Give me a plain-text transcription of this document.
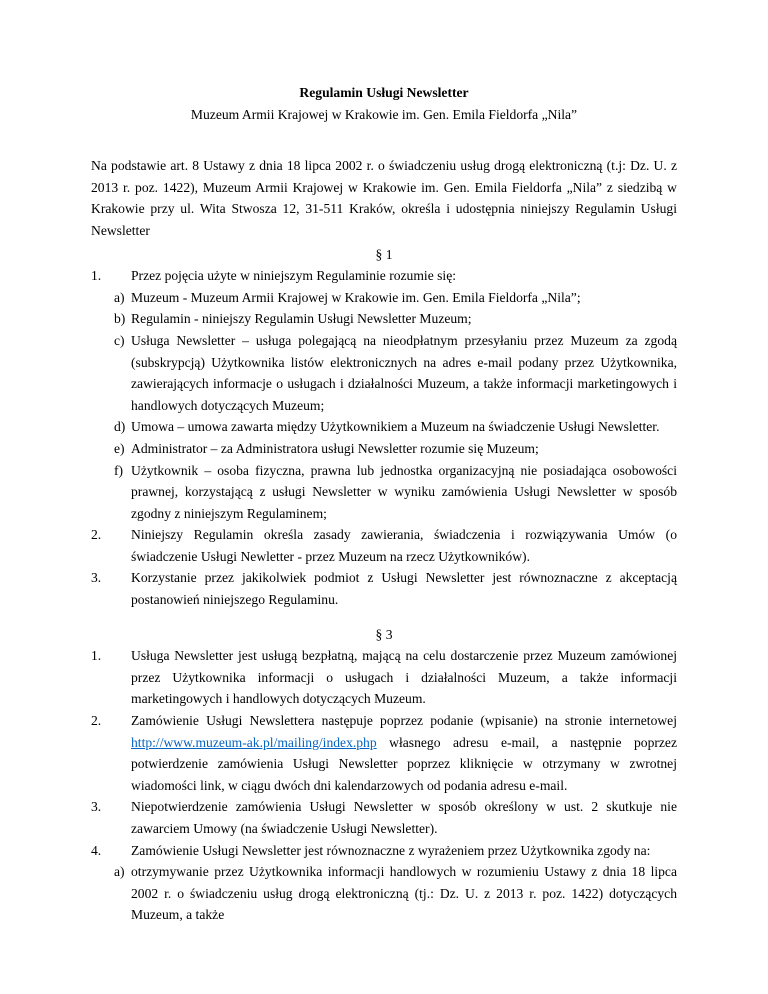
Regulamin Usługi Newsletter
Muzeum Armii Krajowej w Krakowie im. Gen. Emila Fieldorfa „Nila”
Na podstawie art. 8 Ustawy z dnia 18 lipca 2002 r. o świadczeniu usług drogą elektroniczną (t.j: Dz. U. z 2013 r. poz. 1422), Muzeum Armii Krajowej w Krakowie im. Gen. Emila Fieldorfa „Nila” z siedzibą w Krakowie przy ul. Wita Stwosza 12, 31-511 Kraków, określa i udostępnia niniejszy Regulamin Usługi Newsletter
§ 1
1. Przez pojęcia użyte w niniejszym Regulaminie rozumie się:
a) Muzeum - Muzeum Armii Krajowej w Krakowie im. Gen. Emila Fieldorfa „Nila”;
b) Regulamin - niniejszy Regulamin Usługi Newsletter Muzeum;
c) Usługa Newsletter – usługa polegającą na nieodpłatnym przesyłaniu przez Muzeum za zgodą (subskrypcją) Użytkownika listów elektronicznych na adres e-mail podany przez Użytkownika, zawierających informacje o usługach i działalności Muzeum, a także informacji marketingowych i handlowych dotyczących Muzeum;
d) Umowa – umowa zawarta między Użytkownikiem a Muzeum na świadczenie Usługi Newsletter.
e) Administrator – za Administratora usługi Newsletter rozumie się Muzeum;
f) Użytkownik – osoba fizyczna, prawna lub jednostka organizacyjną nie posiadająca osobowości prawnej, korzystającą z usługi Newsletter w wyniku zamówienia Usługi Newsletter w sposób zgodny z niniejszym Regulaminem;
2. Niniejszy Regulamin określa zasady zawierania, świadczenia i rozwiązywania Umów (o świadczenie Usługi Newletter - przez Muzeum na rzecz Użytkowników).
3. Korzystanie przez jakikolwiek podmiot z Usługi Newsletter jest równoznaczne z akceptacją postanowień niniejszego Regulaminu.
§ 3
1. Usługa Newsletter jest usługą bezpłatną, mającą na celu dostarczenie przez Muzeum zamówionej przez Użytkownika informacji o usługach i działalności Muzeum, a także informacji marketingowych i handlowych dotyczących Muzeum.
2. Zamówienie Usługi Newslettera następuje poprzez podanie (wpisanie) na stronie internetowej http://www.muzeum-ak.pl/mailing/index.php własnego adresu e-mail, a następnie poprzez potwierdzenie zamówienia Usługi Newsletter poprzez kliknięcie w otrzymany w zwrotnej wiadomości link, w ciągu dwóch dni kalendarzowych od podania adresu e-mail.
3. Niepotwierdzenie zamówienia Usługi Newsletter w sposób określony w ust. 2 skutkuje nie zawarciem Umowy (na świadczenie Usługi Newsletter).
4. Zamówienie Usługi Newsletter jest równoznaczne z wyrażeniem przez Użytkownika zgody na:
a) otrzymywanie przez Użytkownika informacji handlowych w rozumieniu Ustawy z dnia 18 lipca 2002 r. o świadczeniu usług drogą elektroniczną (tj.: Dz. U. z 2013 r. poz. 1422) dotyczących Muzeum, a także
